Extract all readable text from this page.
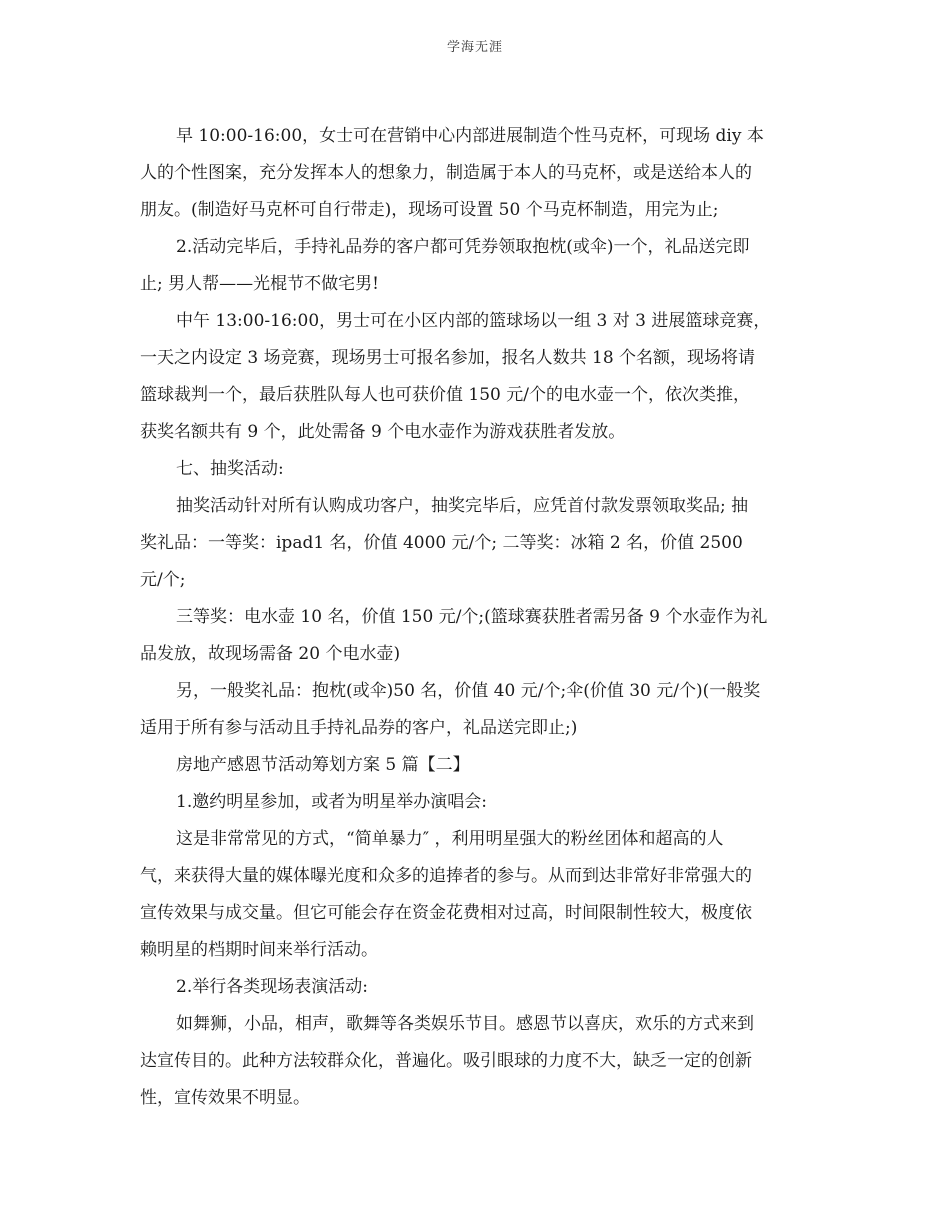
学海无涯
早 10:00-16:00，女士可在营销中心内部进展制造个性马克杯，可现场 diy 本
人的个性图案，充分发挥本人的想象力，制造属于本人的马克杯，或是送给本人的
朋友。(制造好马克杯可自行带走)，现场可设置 50 个马克杯制造，用完为止;
2.活动完毕后，手持礼品券的客户都可凭券领取抱枕(或伞)一个，礼品送完即
止; 男人帮——光棍节不做宅男!
中午 13:00-16:00，男士可在小区内部的篮球场以一组 3 对 3 进展篮球竞赛，
一天之内设定 3 场竞赛，现场男士可报名参加，报名人数共 18 个名额，现场将请
篮球裁判一个，最后获胜队每人也可获价值 150 元/个的电水壶一个，依次类推，
获奖名额共有 9 个，此处需备 9 个电水壶作为游戏获胜者发放。
七、抽奖活动:
抽奖活动针对所有认购成功客户，抽奖完毕后，应凭首付款发票领取奖品; 抽
奖礼品：一等奖：ipad1 名，价值 4000 元/个; 二等奖：冰箱 2 名，价值 2500
元/个;
三等奖：电水壶 10 名，价值 150 元/个;(篮球赛获胜者需另备 9 个水壶作为礼
品发放，故现场需备 20 个电水壶)
另，一般奖礼品：抱枕(或伞)50 名，价值 40 元/个;伞(价值 30 元/个)(一般奖
适用于所有参与活动且手持礼品券的客户，礼品送完即止;)
房地产感恩节活动筹划方案 5 篇【二】
1.邀约明星参加，或者为明星举办演唱会:
这是非常常见的方式，“简单暴力″ ，利用明星强大的粉丝团体和超高的人
气，来获得大量的媒体曝光度和众多的追捧者的参与。从而到达非常好非常强大的
宣传效果与成交量。但它可能会存在资金花费相对过高，时间限制性较大，极度依
赖明星的档期时间来举行活动。
2.举行各类现场表演活动:
如舞狮，小品，相声，歌舞等各类娱乐节目。感恩节以喜庆，欢乐的方式来到
达宣传目的。此种方法较群众化，普遍化。吸引眼球的力度不大，缺乏一定的创新
性，宣传效果不明显。
